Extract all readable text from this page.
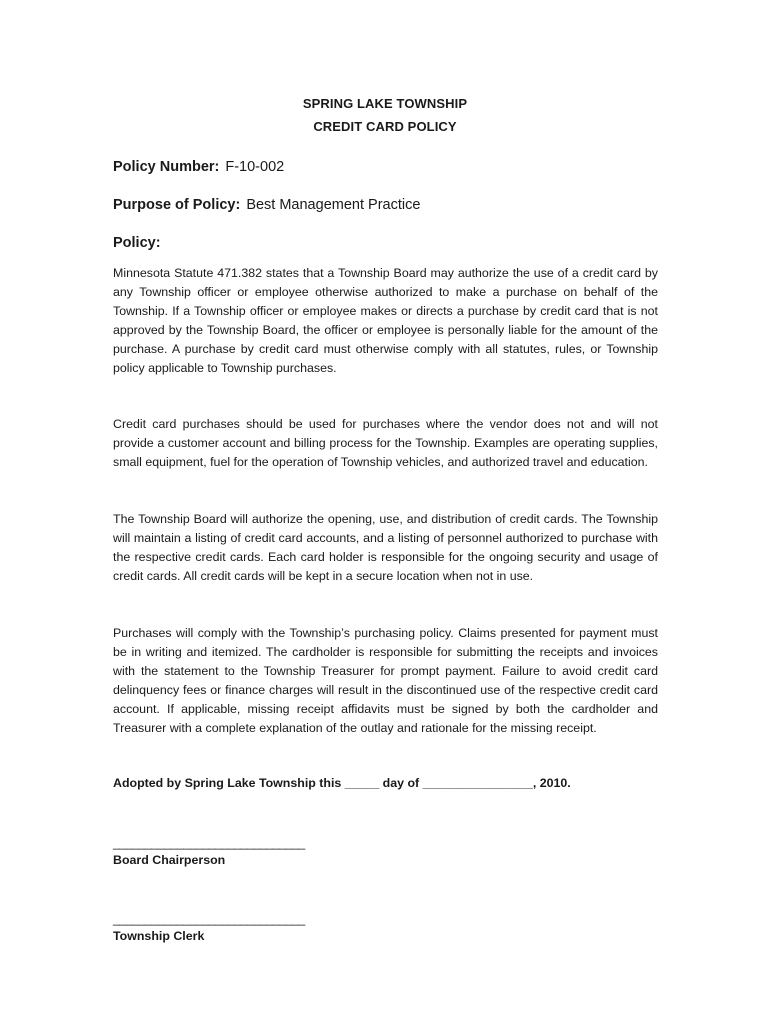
SPRING LAKE TOWNSHIP
CREDIT CARD POLICY
Policy Number: F-10-002
Purpose of Policy: Best Management Practice
Policy:
Minnesota Statute 471.382 states that a Township Board may authorize the use of a credit card by any Township officer or employee otherwise authorized to make a purchase on behalf of the Township. If a Township officer or employee makes or directs a purchase by credit card that is not approved by the Township Board, the officer or employee is personally liable for the amount of the purchase. A purchase by credit card must otherwise comply with all statutes, rules, or Township policy applicable to Township purchases.
Credit card purchases should be used for purchases where the vendor does not and will not provide a customer account and billing process for the Township. Examples are operating supplies, small equipment, fuel for the operation of Township vehicles, and authorized travel and education.
The Township Board will authorize the opening, use, and distribution of credit cards. The Township will maintain a listing of credit card accounts, and a listing of personnel authorized to purchase with the respective credit cards. Each card holder is responsible for the ongoing security and usage of credit cards. All credit cards will be kept in a secure location when not in use.
Purchases will comply with the Township’s purchasing policy. Claims presented for payment must be in writing and itemized. The cardholder is responsible for submitting the receipts and invoices with the statement to the Township Treasurer for prompt payment. Failure to avoid credit card delinquency fees or finance charges will result in the discontinued use of the respective credit card account. If applicable, missing receipt affidavits must be signed by both the cardholder and Treasurer with a complete explanation of the outlay and rationale for the missing receipt.
Adopted by Spring Lake Township this _____ day of ________________, 2010.
______________________________
Board Chairperson
______________________________
Township Clerk
